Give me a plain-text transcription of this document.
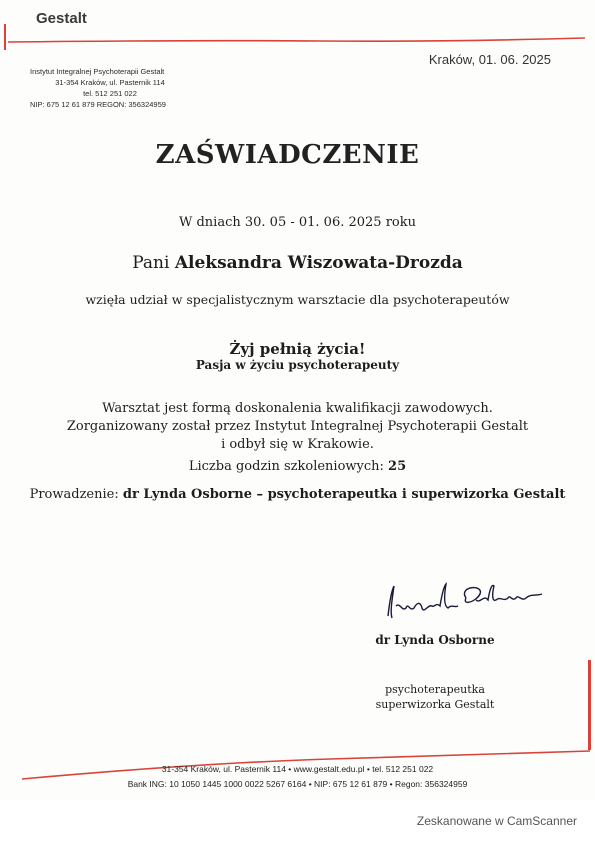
Gestalt
Instytut Integralnej Psychoterapii Gestalt
31-354 Kraków, ul. Pasternik 114
tel. 512 251 022
NIP: 675 12 61 879 REGON: 356324959
Kraków, 01. 06. 2025
ZAŚWIADCZENIE
W dniach 30. 05 - 01. 06. 2025 roku
Pani Aleksandra Wiszowata-Drozda
wzięła udział w specjalistycznym warsztacie dla psychoterapeutów
Żyj pełnią życia!
Pasja w życiu psychoterapeuty
Warsztat jest formą doskonalenia kwalifikacji zawodowych.
Zorganizowany został przez Instytut Integralnej Psychoterapii Gestalt
i odbył się w Krakowie.
Liczba godzin szkoleniowych: 25
Prowadzenie: dr Lynda Osborne – psychoterapeutka i superwizorka Gestalt
dr Lynda Osborne
psychoterapeutka
superwizorka Gestalt
31-354 Kraków, ul. Pasternik 114 • www.gestalt.edu.pl • tel. 512 251 022
Bank ING: 10 1050 1445 1000 0022 5267 6164 • NIP: 675 12 61 879 • Regon: 356324959
Zeskanowane w CamScanner
